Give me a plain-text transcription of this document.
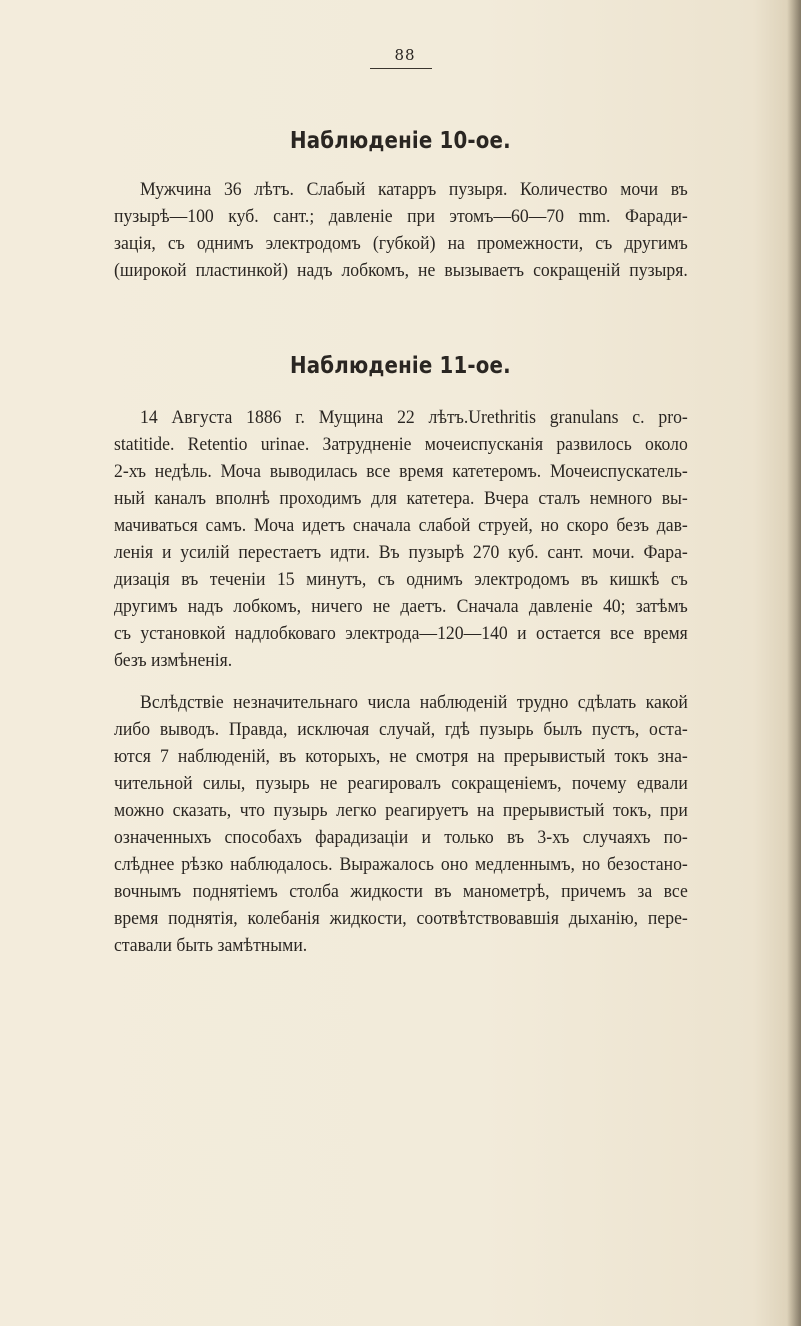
88
Наблюденіе 10-ое.
Мужчина 36 лѣтъ. Слабый катарръ пузыря. Количество мочи въ
пузырѣ—100 куб. сант.; давленіе при этомъ—60—70 mm. Фаради-
зація, съ однимъ электродомъ (губкой) на промежности, съ другимъ
(широкой пластинкой) надъ лобкомъ, не вызываетъ сокращеній пузыря.
Наблюденіе 11-ое.
14 Августа 1886 г. Мущина 22 лѣтъ.Urethritis granulans c. pro-
statitide. Retentio urinae. Затрудненіе мочеиспусканія развилось около
2-хъ недѣль. Моча выводилась все время катетеромъ. Мочеиспускатель-
ный каналъ вполнѣ проходимъ для катетера. Вчера сталъ немного вы-
мачиваться самъ. Моча идетъ сначала слабой струей, но скоро безъ дав-
ленія и усилій перестаетъ идти. Въ пузырѣ 270 куб. сант. мочи. Фара-
дизація въ теченіи 15 минутъ, съ однимъ электродомъ въ кишкѣ съ
другимъ надъ лобкомъ, ничего не даетъ. Сначала давленіе 40; затѣмъ
съ установкой надлобковаго электрода—120—140 и остается все время
безъ измѣненія.
Вслѣдствіе незначительнаго числа наблюденій трудно сдѣлать какой
либо выводъ. Правда, исключая случай, гдѣ пузырь былъ пустъ, оста-
ются 7 наблюденій, въ которыхъ, не смотря на прерывистый токъ зна-
чительной силы, пузырь не реагировалъ сокращеніемъ, почему едвали
можно сказать, что пузырь легко реагируетъ на прерывистый токъ, при
означенныхъ способахъ фарадизаціи и только въ 3-хъ случаяхъ по-
слѣднее рѣзко наблюдалось. Выражалось оно медленнымъ, но безостано-
вочнымъ поднятіемъ столба жидкости въ манометрѣ, причемъ за все
время поднятія, колебанія жидкости, соотвѣтствовавшія дыханію, пере-
ставали быть замѣтными.
